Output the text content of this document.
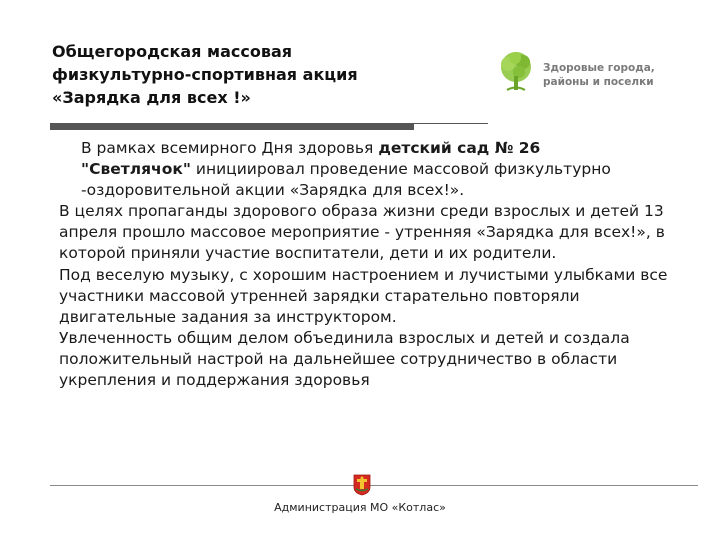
Общегородская массовая
физкультурно-спортивная акция
«Зарядка для всех !»
Здоровые города,
районы и поселки

В рамках всемирного Дня здоровья детский сад № 26
"Светлячок" инициировал проведение массовой физкультурно -оздоровительной акции «Зарядка для всех!».

В целях пропаганды здорового образа жизни среди взрослых и детей 13 апреля прошло массовое мероприятие - утренняя «Зарядка для всех!», в которой приняли участие воспитатели, дети и их родители.

Под веселую музыку, с хорошим настроением и лучистыми улыбками все участники массовой утренней зарядки старательно повторяли двигательные задания за инструктором.

Увлеченность общим делом объединила взрослых и детей и создала положительный настрой на дальнейшее сотрудничество в области укрепления и поддержания здоровья

Администрация МО «Котлас»
